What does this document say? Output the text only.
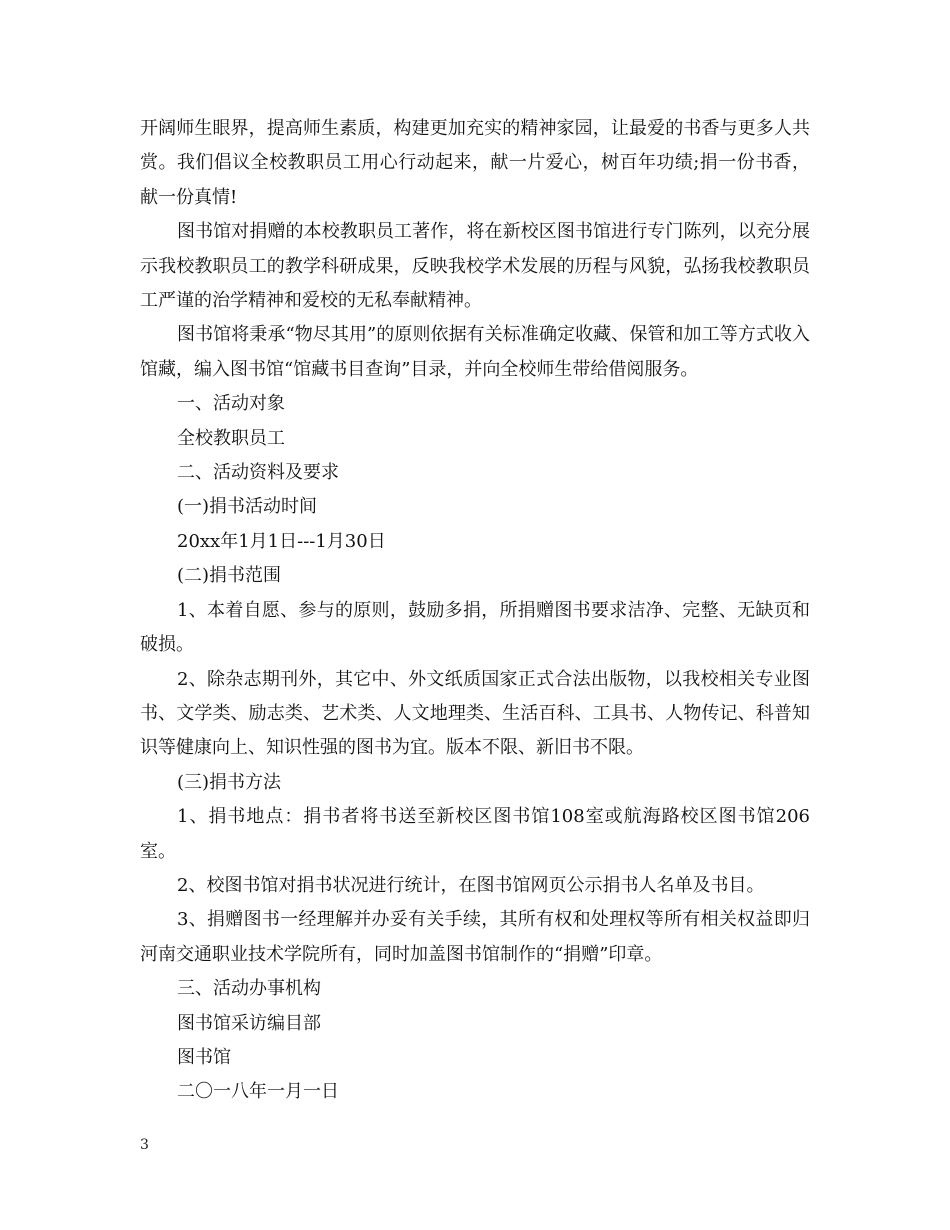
开阔师生眼界，提高师生素质，构建更加充实的精神家园，让最爱的书香与更多人共赏。我们倡议全校教职员工用心行动起来，献一片爱心，树百年功绩;捐一份书香，献一份真情!

图书馆对捐赠的本校教职员工著作，将在新校区图书馆进行专门陈列，以充分展示我校教职员工的教学科研成果，反映我校学术发展的历程与风貌，弘扬我校教职员工严谨的治学精神和爱校的无私奉献精神。

图书馆将秉承“物尽其用”的原则依据有关标准确定收藏、保管和加工等方式收入馆藏，编入图书馆“馆藏书目查询”目录，并向全校师生带给借阅服务。

一、活动对象

全校教职员工

二、活动资料及要求

(一)捐书活动时间

20xx年1月1日---1月30日

(二)捐书范围

1、本着自愿、参与的原则，鼓励多捐，所捐赠图书要求洁净、完整、无缺页和破损。

2、除杂志期刊外，其它中、外文纸质国家正式合法出版物，以我校相关专业图书、文学类、励志类、艺术类、人文地理类、生活百科、工具书、人物传记、科普知识等健康向上、知识性强的图书为宜。版本不限、新旧书不限。

(三)捐书方法

1、捐书地点：捐书者将书送至新校区图书馆108室或航海路校区图书馆206室。

2、校图书馆对捐书状况进行统计，在图书馆网页公示捐书人名单及书目。

3、捐赠图书一经理解并办妥有关手续，其所有权和处理权等所有相关权益即归河南交通职业技术学院所有，同时加盖图书馆制作的“捐赠”印章。

三、活动办事机构

图书馆采访编目部

图书馆

二〇一八年一月一日

3
